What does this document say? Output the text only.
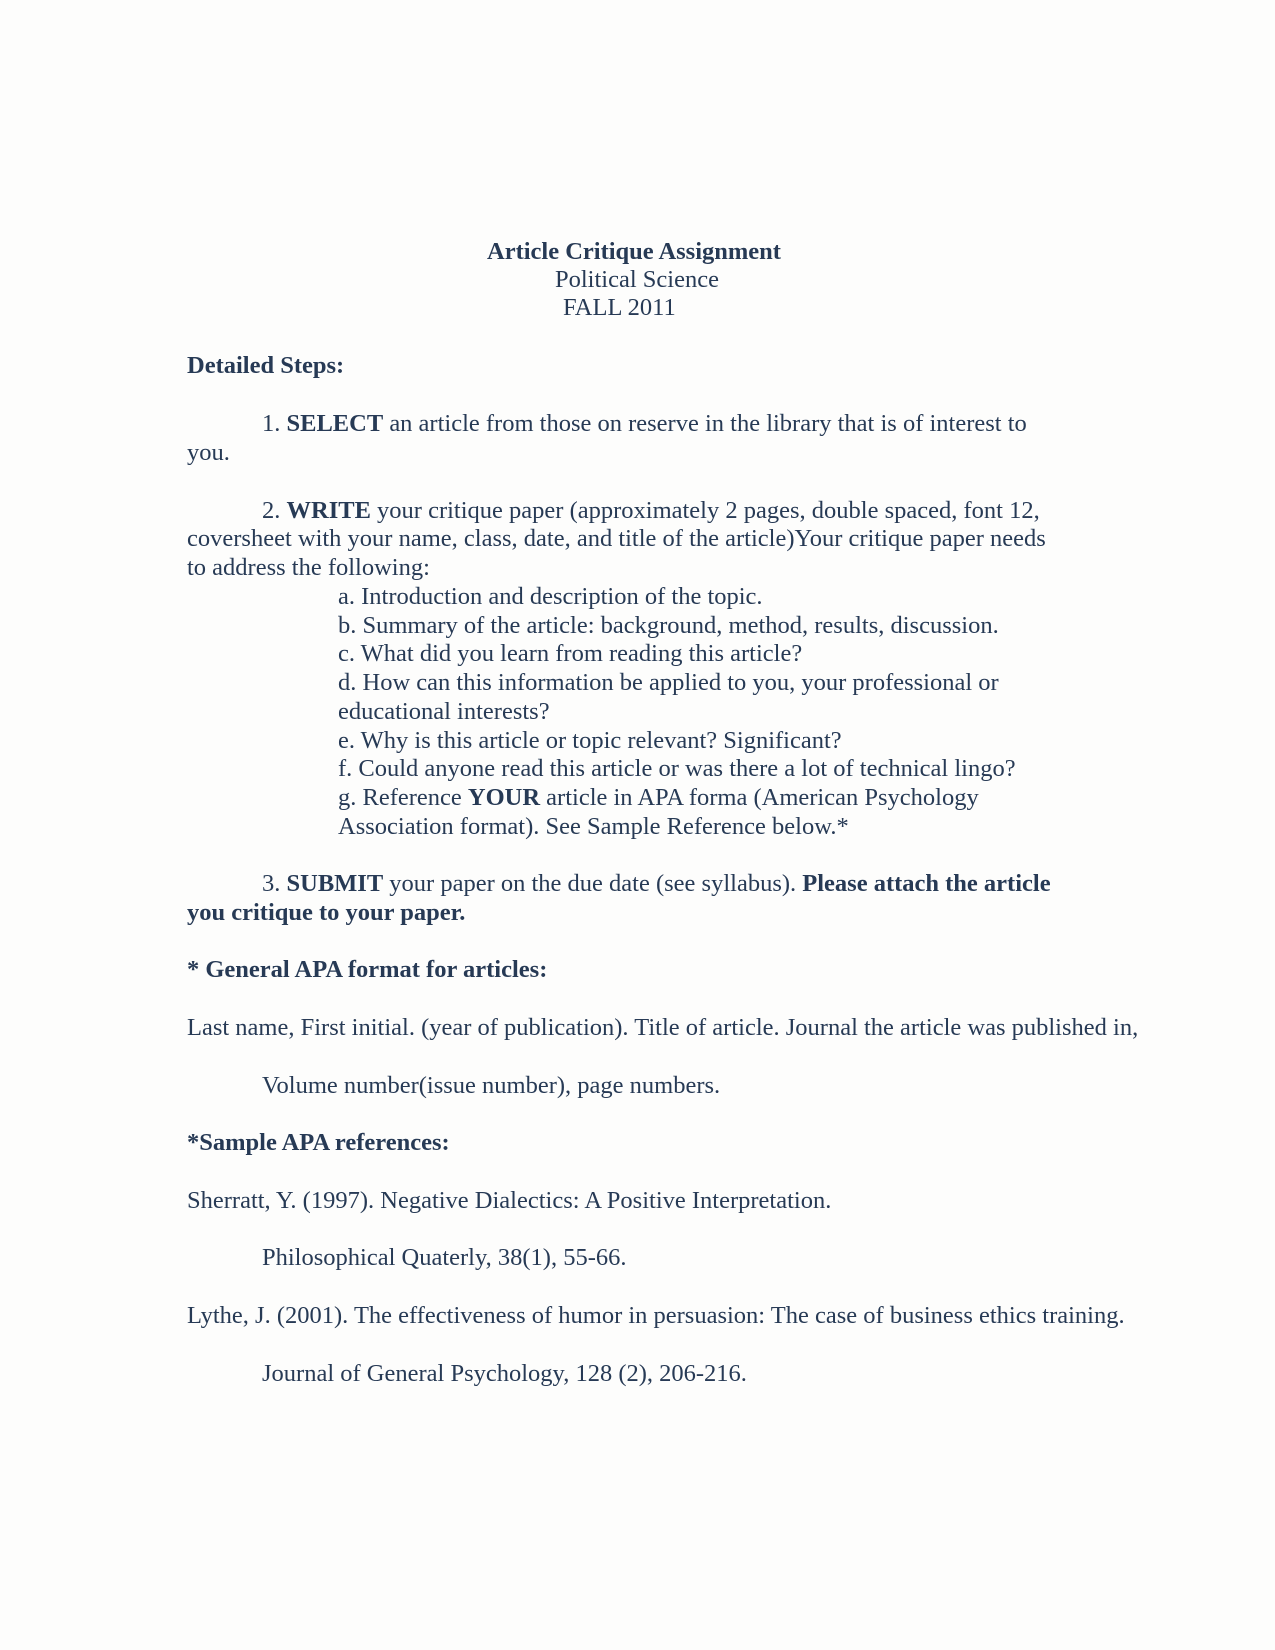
Article Critique Assignment
Political Science
FALL 2011
Detailed Steps:
1. SELECT an article from those on reserve in the library that is of interest to
you.
2. WRITE your critique paper (approximately 2 pages, double spaced, font 12,
coversheet with your name, class, date, and title of the article)Your critique paper needs
to address the following:
a. Introduction and description of the topic.
b. Summary of the article: background, method, results, discussion.
c. What did you learn from reading this article?
d. How can this information be applied to you, your professional or
educational interests?
e. Why is this article or topic relevant? Significant?
f. Could anyone read this article or was there a lot of technical lingo?
g. Reference YOUR article in APA forma (American Psychology
Association format). See Sample Reference below.*
3. SUBMIT your paper on the due date (see syllabus). Please attach the article
you critique to your paper.
* General APA format for articles:
Last name, First initial. (year of publication). Title of article. Journal the article was published in,
Volume number(issue number), page numbers.
*Sample APA references:
Sherratt, Y. (1997). Negative Dialectics: A Positive Interpretation.
Philosophical Quaterly, 38(1), 55-66.
Lythe, J. (2001). The effectiveness of humor in persuasion: The case of business ethics training.
Journal of General Psychology, 128 (2), 206-216.
